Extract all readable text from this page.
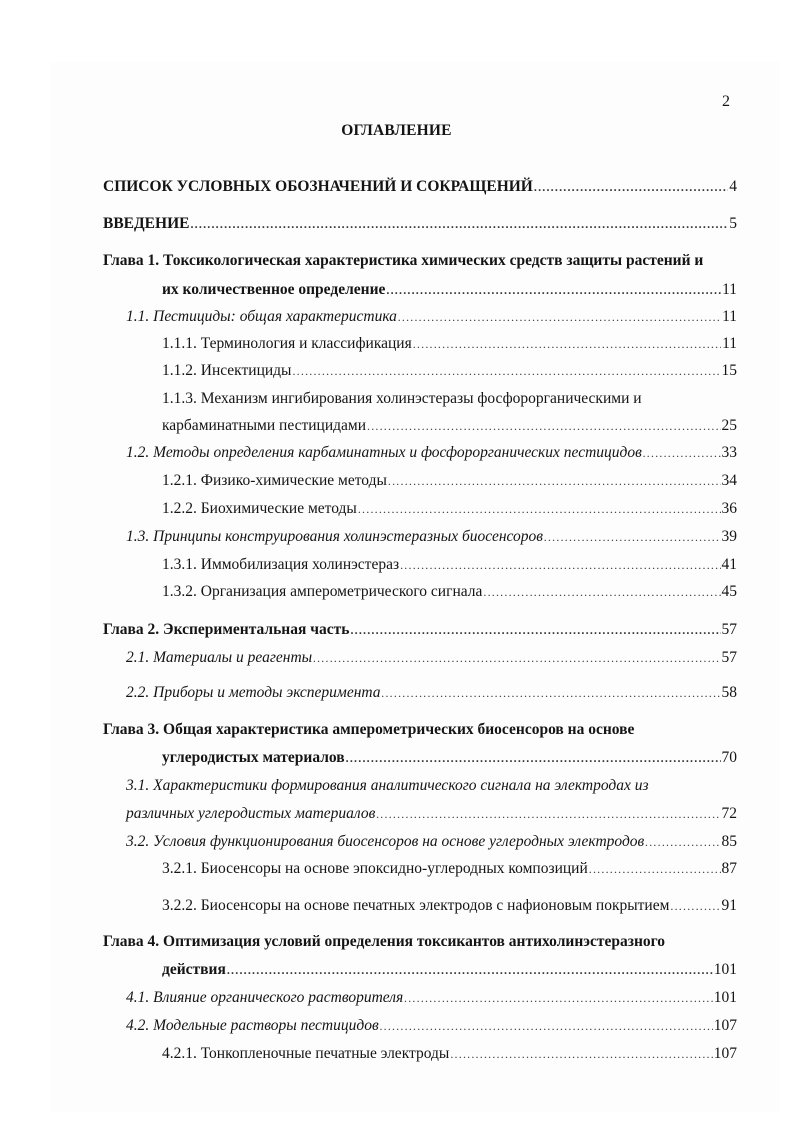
2
ОГЛАВЛЕНИЕ
СПИСОК УСЛОВНЫХ ОБОЗНАЧЕНИЙ И СОКРАЩЕНИЙ .....	4
ВВЕДЕНИЕ .....	5
Глава 1. Токсикологическая характеристика химических средств защиты растений и
их количественное определение .....	11
1.1. Пестициды: общая характеристика .....	11
1.1.1. Терминология и классификация .....	11
1.1.2. Инсектициды .....	15
1.1.3. Механизм ингибирования холинэстеразы фосфорорганическими и
карбаминатными пестицидами .....	25
1.2. Методы определения карбаминатных и фосфорорганических пестицидов .....	33
1.2.1. Физико-химические методы .....	34
1.2.2. Биохимические методы .....	36
1.3. Принципы конструирования холинэстеразных биосенсоров .....	39
1.3.1. Иммобилизация холинэстераз .....	41
1.3.2. Организация амперометрического сигнала .....	45
Глава 2. Экспериментальная часть .....	57
2.1. Материалы и реагенты .....	57
2.2. Приборы и методы эксперимента .....	58
Глава 3. Общая характеристика амперометрических биосенсоров на основе
углеродистых материалов .....	70
3.1. Характеристики формирования аналитического сигнала на электродах из
различных углеродистых материалов .....	72
3.2. Условия функционирования биосенсоров на основе углеродных электродов .....	85
3.2.1. Биосенсоры на основе эпоксидно-углеродных композиций .....	87
3.2.2. Биосенсоры на основе печатных электродов с нафионовым покрытием .....	91
Глава 4. Оптимизация условий определения токсикантов антихолинэстеразного
действия .....	101
4.1. Влияние органического растворителя .....	101
4.2. Модельные растворы пестицидов .....	107
4.2.1. Тонкопленочные печатные электроды .....	107
